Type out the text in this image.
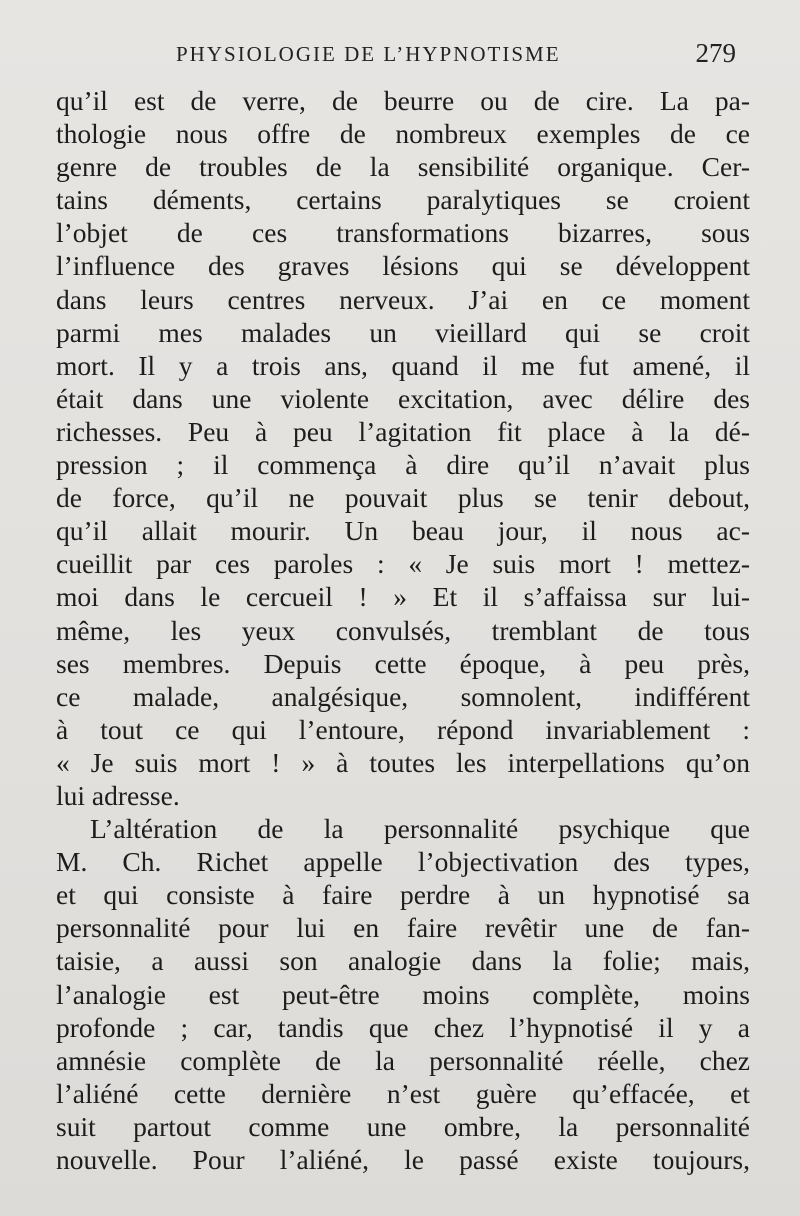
PHYSIOLOGIE DE L’HYPNOTISME	279
qu’il est de verre, de beurre ou de cire. La pa-
thologie nous offre de nombreux exemples de ce
genre de troubles de la sensibilité organique. Cer-
tains déments, certains paralytiques se croient
l’objet de ces transformations bizarres, sous
l’influence des graves lésions qui se développent
dans leurs centres nerveux. J’ai en ce moment
parmi mes malades un vieillard qui se croit
mort. Il y a trois ans, quand il me fut amené, il
était dans une violente excitation, avec délire des
richesses. Peu à peu l’agitation fit place à la dé-
pression ; il commença à dire qu’il n’avait plus
de force, qu’il ne pouvait plus se tenir debout,
qu’il allait mourir. Un beau jour, il nous ac-
cueillit par ces paroles : « Je suis mort ! mettez-
moi dans le cercueil ! » Et il s’affaissa sur lui-
même, les yeux convulsés, tremblant de tous
ses membres. Depuis cette époque, à peu près,
ce malade, analgésique, somnolent, indifférent
à tout ce qui l’entoure, répond invariablement :
« Je suis mort ! » à toutes les interpellations qu’on
lui adresse.
L’altération de la personnalité psychique que
M. Ch. Richet appelle l’objectivation des types,
et qui consiste à faire perdre à un hypnotisé sa
personnalité pour lui en faire revêtir une de fan-
taisie, a aussi son analogie dans la folie; mais,
l’analogie est peut-être moins complète, moins
profonde ; car, tandis que chez l’hypnotisé il y a
amnésie complète de la personnalité réelle, chez
l’aliéné cette dernière n’est guère qu’effacée, et
suit partout comme une ombre, la personnalité
nouvelle. Pour l’aliéné, le passé existe toujours,
